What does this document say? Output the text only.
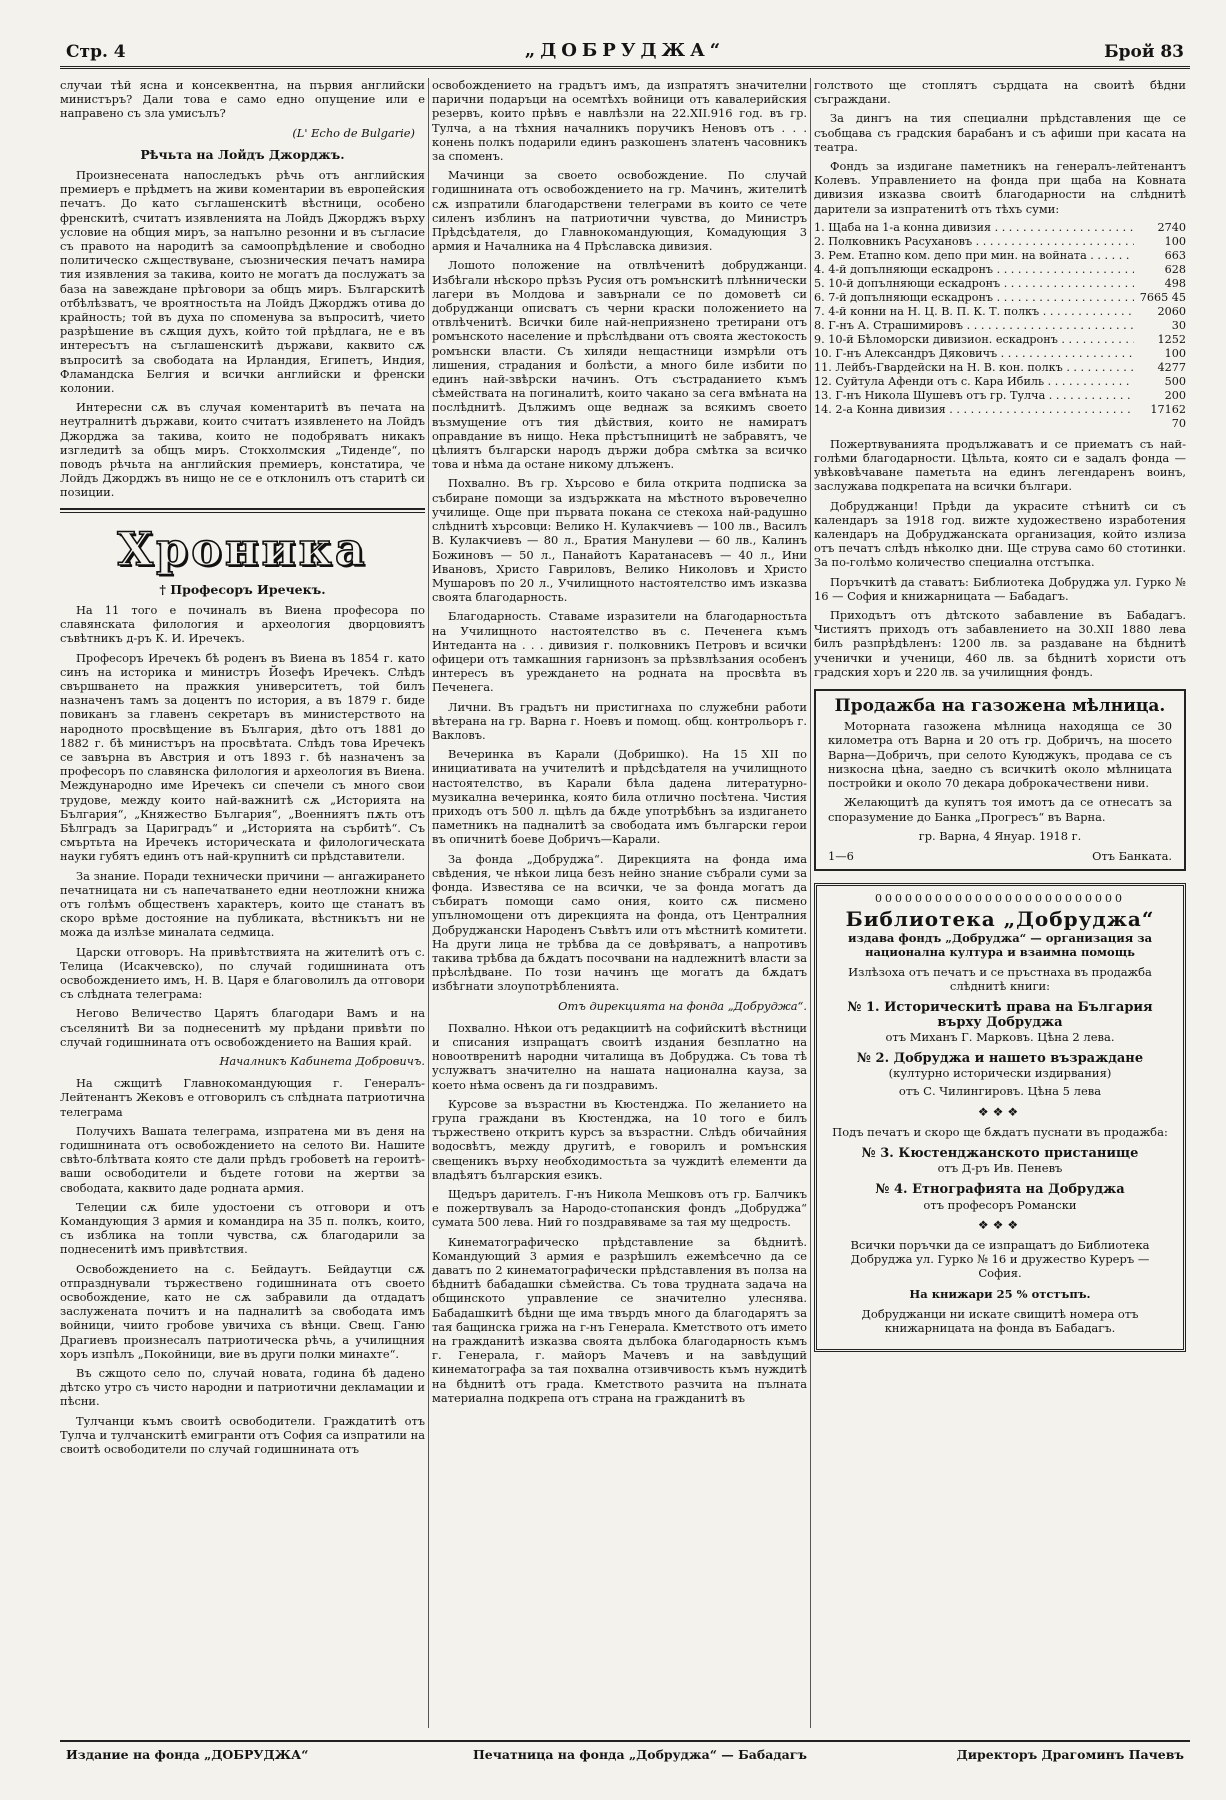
Стр. 4	„ДОБРУДЖА“	Брой 83

случаи тѣй ясна и консеквентна, на първия английски министъръ? Дали това е само едно опущение или е направено съ зла умисълъ?

(L' Echo de Bulgarie)
Рѣчьта на Лойдъ Джорджъ.

Произнесената напоследъкъ рѣчь отъ английския премиеръ е прѣдметъ на живи коментарии въ европейския печатъ. До като съглашенскитѣ вѣстници, особено френскитѣ, считатъ изявленията на Лойдъ Джорджъ върху условие на общия миръ, за напълно резонни и въ съгласие съ правото на народитѣ за самоопрѣдѣление и свободно политическо сѫществуване, съюзническия печатъ намира тия изявления за такива, които не могатъ да послужатъ за база на завеждане прѣговори за общъ миръ. Българскитѣ отбѣлѣзватъ, че вроятностьта на Лойдъ Джорджъ отива до крайность; той въ духа по споменува за въпроситѣ, чието разрѣшение въ сѫщия духъ, който той прѣдлага, не е въ интересътъ на съглашенскитѣ държави, каквито сѫ въпроситѣ за свободата на Ирландия, Египетъ, Индия, Фламандска Белгия и всички английски и френски колонии.

Интересни сѫ въ случая коментаритѣ въ печата на неутралнитѣ държави, които считатъ изявленето на Лойдъ Джорджа за такива, които не подобряватъ никакъ изгледитѣ за общъ миръ. Стокхолмския „Тиденде“, по поводъ рѣчьта на английския премиеръ, констатира, че Лойдъ Джорджъ въ нищо не се е отклонилъ отъ старитѣ си позиции.

Хроника
† Професоръ Иречекъ.

На 11 того е починалъ въ Виена професора по славянската филология и археология дворцовиятъ съвѣтникъ д-ръ К. И. Иречекъ.

Професоръ Иречекъ бѣ роденъ въ Виена въ 1854 г. като синъ на историка и министръ Йозефъ Иречекъ. Слѣдъ свършването на пражкия университетъ, той билъ назначенъ тамъ за доцентъ по история, а въ 1879 г. биде повиканъ за главенъ секретаръ въ министерството на народното просвѣщение въ България, дѣто отъ 1881 до 1882 г. бѣ министъръ на просвѣтата. Слѣдъ това Иречекъ се завърна въ Австрия и отъ 1893 г. бѣ назначенъ за професоръ по славянска филология и археология въ Виена. Международно име Иречекъ си спечели съ много свои трудове, между които най-важнитѣ сѫ „Историята на България“, „Княжество България“, „Военниятъ пѫть отъ Бѣлградъ за Цариградъ“ и „Историята на сърбитѣ“. Съ смъртьта на Иречекъ историческата и филологическата науки губятъ единъ отъ най-крупнитѣ си прѣдставители.

За знание. Поради технически причини — ангажирането печатницата ни съ напечатването едни неотложни книжа отъ голѣмъ общественъ характеръ, които ще станатъ въ скоро врѣме достояние на публиката, вѣстникътъ ни не можа да излѣзе миналата седмица.

Царски отговоръ. На привѣтствията на жителитѣ отъ с. Телица (Исакчевско), по случай годишнината отъ освобождението имъ, Н. В. Царя е благоволилъ да отговори съ слѣдната телеграма:

Негово Величество Царятъ благодари Вамъ и на съселянитѣ Ви за поднесенитѣ му прѣдани привѣти по случай годишнината отъ освобождението на Вашия край.

Началникъ Кабинета Добровичъ.

На сжщитѣ Главнокомандующия г. Генералъ-Лейтенантъ Жековъ е отговорилъ съ слѣдната патриотична телеграма

Получихъ Вашата телеграма, изпратена ми въ деня на годишнината отъ освобождението на селото Ви. Нашите свѣто-блѣтвата която сте дали прѣдъ гробоветѣ на героитѣ-ваши освободители и бъдете готови на жертви за свободата, каквито даде родната армия.

Телеции сѫ биле удостоени съ отговори и отъ Командующия 3 армия и командира на 35 п. полкъ, които, съ изблика на топли чувства, сѫ благодарили за поднесенитѣ имъ привѣтствия.

Освобождението на с. Бейдаутъ. Бейдаутци сѫ отпразднували тържествено годишнината отъ своето освобождение, като не сѫ забравили да отдадатъ заслужената почитъ и на падналитѣ за свободата имъ войници, чиито гробове увичиха съ вѣнци. Свещ. Ганю Драгиевъ произнесалъ патриотическа рѣчь, а училищния хоръ изпѣлъ „Покойници, вие въ други полки минахте“.

Въ сжщото село по, случай новата, година бѣ дадено дѣтско утро съ чисто народни и патриотични декламации и пѣсни.

Тулчанци къмъ своитѣ освободители. Граждатитѣ отъ Тулча и тулчанскитѣ емигранти отъ София са изпратили на своитѣ освободители по случай годишнината отъ

освобождението на градътъ имъ, да изпратятъ значителни парични подаръци на осемтѣхъ войници отъ кавалерийския резервъ, които прѣвъ е навлѣзли на 22.XII.916 год. въ гр. Тулча, а на тѣхния началникъ поручикъ Неновъ отъ . . . конень полкъ подарили единъ разкошенъ златенъ часовникъ за споменъ.

Мачинци за своето освобождение. По случай годишнината отъ освобождението на гр. Мачинъ, жителитѣ сѫ изпратили благодарствени телеграми въ които се чете силенъ изблинъ на патриотични чувства, до Министръ Прѣдсѣдателя, до Главнокомандующия, Комадующия 3 армия и Началника на 4 Прѣславска дивизия.

Лошото положение на отвлѣченитѣ добруджанци. Избѣгали нѣскоро прѣзъ Русия отъ ромънскитѣ плѣннически лагери въ Молдова и завърнали се по домоветѣ си добруджанци описватъ съ черни краски положението на отвлѣченитѣ. Всички биле най-неприязнено третирани отъ ромънското население и прѣслѣдвани отъ своята жестокость ромънски власти. Съ хиляди нещастници измрѣли отъ лишения, страдания и болѣсти, а много биле избити по единъ най-звѣрски начинъ. Отъ състраданието къмъ сѣмействата на погиналитѣ, които чакано за сега вмѣната на послѣднитѣ. Дължимъ още веднаж за всякимъ своето възмущение отъ тия дѣйствия, които не намиратъ оправдание въ нищо. Нека прѣстъпницитѣ не забравятъ, че цѣлиятъ български народъ държи добра смѣтка за всичко това и нѣма да остане никому длъженъ.

Похвално. Въ гр. Хърсово е била открита подписка за събиране помощи за издържката на мѣстното въровечелно училище. Още при първата покана се стекоха най-радушно слѣднитѣ хърсовци: Велико Н. Кулакчиевъ — 100 лв., Василъ В. Кулакчиевъ — 80 л., Братия Манулеви — 60 лв., Калинъ Божиновъ — 50 л., Панайотъ Каратанасевъ — 40 л., Ини Ивановъ, Христо Гавриловъ, Велико Николовъ и Христо Мушаровъ по 20 л., Училищното настоятелство имъ изказва своята благодарность.

Благодарность. Ставаме изразители на благодарностьта на Училищното настоятелство въ с. Печенега къмъ Интеданта на . . . дивизия г. полковникъ Петровъ и всички офицери отъ тамкашния гарнизонъ за прѣзвлѣзания особенъ интересъ въ уреждането на родната на просвѣта въ Печенега.

Лични. Въ градътъ ни пристигнаха по служебни работи вѣтерана на гр. Варна г. Ноевъ и помощ. общ. контрольоръ г. Вакловъ.

Вечеринка въ Карали (Добришко). На 15 XII по инициативата на учителитѣ и прѣдсѣдателя на училищното настоятелство, въ Карали бѣла дадена литературно-музикална вечеринка, която била отлично посѣтена. Чистия приходъ отъ 500 л. щѣлъ да бѫде употрѣбѣнъ за издигането паметникъ на падналитѣ за свободата имъ български герои въ опичнитѣ боеве Добричъ—Карали.

За фонда „Добруджа“. Дирекцията на фонда има свѣдения, че нѣкои лица безъ нейно знание събрали суми за фонда. Известява се на всички, че за фонда могатъ да събиратъ помощи само ония, които сѫ писмено упълномощени отъ дирекцията на фонда, отъ Централния Добруджански Народенъ Съвѣтъ или отъ мѣстнитѣ комитети. На други лица не трѣбва да се довѣряватъ, а напротивъ такива трѣбва да бѫдатъ посочвани на надлежнитѣ власти за прѣслѣдване. По този начинъ ще могатъ да бѫдатъ избѣгнати злоупотрѣбленията.

Отъ дирекцията на фонда „Добруджа“.

Похвално. Нѣкои отъ редакциитѣ на софийскитѣ вѣстници и списания изпращатъ своитѣ издания безплатно на новоотвренитѣ народни читалища въ Добруджа. Съ това тѣ услужватъ значително на нашата национална кауза, за което нѣма освенъ да ги поздравимъ.

Курсове за възрастни въ Кюстенджа. По желанието на група граждани въ Кюстенджа, на 10 того е билъ тържествено откритъ курсъ за възрастни. Слѣдъ обичайния водосвѣтъ, между другитѣ, е говорилъ и ромънския свещеникъ върху необходимостьта за чуждитѣ елементи да владѣятъ българския езикъ.

Щедъръ дарителъ. Г-нъ Никола Мешковъ отъ гр. Балчикъ е пожертвувалъ за Народо-стопанския фондъ „Добруджа“ сумата 500 лева. Ний го поздравяваме за тая му щедрость.

Кинематографическо прѣдставление за бѣднитѣ. Командующий 3 армия е разрѣшилъ ежемѣсечно да се даватъ по 2 кинематографически прѣдставления въ полза на бѣднитѣ бабадашки сѣмейства. Съ това трудната задача на общинското управление се значително улеснява. Бабадашкитѣ бѣдни ще има твърдъ много да благодарятъ за тая бащинска грижа на г-нъ Генерала. Кметството отъ името на гражданитѣ изказва своята дълбока благодарность къмъ г. Генерала, г. майоръ Мачевъ и на завѣдущий кинематографа за тая похвална отзивчивость къмъ нуждитѣ на бѣднитѣ отъ града. Кметството разчита на пълната материална подкрепа отъ страна на гражданитѣ въ

голството ще стоплятъ сърдцата на своитѣ бѣдни съграждани.

За дингъ на тия специални прѣдставления ще се съобщава съ градския барабанъ и съ афиши при касата на театра.

Фондъ за издигане паметникъ на генералъ-лейтенантъ Колевъ. Управлението на фонда при щаба на Ковната дивизия изказва своитѣ благодарности на слѣднитѣ дарители за изпратенитѣ отъ тѣхъ суми:

1. Щаба на 1-а конна дивизия . . .	2740
2. Полковникъ Расухановъ . . .	100
3. Рем. Етапно ком. депо при мин. на войната . . .	663
4. 4-й допълняющи ескадронъ . . .	628
5. 10-й допълняющи ескадронъ . . .	498
6. 7-й допълняющи ескадронъ . . .	7665 45
7. 4-й конни на Н. Ц. В. П. К. Т. полкъ . . .	2060
8. Г-нъ А. Страшимировъ . . .	30
9. 10-й Бѣломорски дивизион. ескадронъ . . .	1252
10. Г-нъ Александръ Дяковичъ . . .	100
11. Лейбъ-Гвардейски на Н. В. кон. полкъ . . .	4277
12. Суйтула Афенди отъ с. Кара Ибиль . . .	500
13. Г-нъ Никола Шушевъ отъ гр. Тулча . . .	200
14. 2-а Конна дивизия . . .	17162 70

Пожертвуванията продължаватъ и се приематъ съ най-голѣми благодарности. Цѣльта, която си е задалъ фонда — увѣковѣчаване паметьта на единъ легендаренъ воинъ, заслужава подкрепата на всички българи.

Добруджанци! Прѣди да украсите стѣнитѣ си съ календаръ за 1918 год. вижте художествено изработения календаръ на Добруджанската организация, който излиза отъ печатъ слѣдъ нѣколко дни. Ще струва само 60 стотинки. За по-голѣмо количество специална отстъпка.

Поръчкитѣ да ставатъ: Библиотека Добруджа ул. Гурко № 16 — София и книжарницата — Бабадагъ.

Приходътъ отъ дѣтското забавление въ Бабадагъ. Чистиятъ приходъ отъ забавлението на 30.XII 1880 лева билъ разпрѣдѣленъ: 1200 лв. за раздаване на бѣднитѣ ученички и ученици, 460 лв. за бѣднитѣ хористи отъ градския хоръ и 220 лв. за училищния фондъ.

Продажба на газожена мѣлница.

Моторната газожена мѣлница находяща се 30 километра отъ Варна и 20 отъ гр. Добричъ, на шосето Варна—Добричъ, при селото Куюджукъ, продава се съ низкосна цѣна, заедно съ всичкитѣ около мѣлницата постройки и около 70 декара доброкачествени ниви.

Желающитѣ да купятъ тоя имотъ да се отнесатъ за споразумение до Банка „Прогресъ“ въ Варна.

гр. Варна, 4 Януар. 1918 г.
1—6	Отъ Банката.
0000000000000000000000000
Библиотека „Добруджа“
издава фондъ „Добруджа“ — организация за национална култура и взаимна помощь
Излѣзоха отъ печатъ и се пръстнаха въ продажба слѣднитѣ книги:
№ 1. Историческитѣ права на България върху Добруджа
отъ Миханъ Г. Марковъ. Цѣна 2 лева.
№ 2. Добруджа и нашето възраждане
(културно исторически издирвания)
отъ С. Чилингировъ. Цѣна 5 лева
❖❖❖
Подъ печатъ и скоро ще бѫдатъ пуснати въ продажба:
№ 3. Кюстенджанското пристанище
отъ Д-ръ Ив. Пеневъ
№ 4. Етнографията на Добруджа
отъ професоръ Романски
❖❖❖
Всички поръчки да се изпращатъ до Библиотека Добруджа ул. Гурко № 16 и дружество Куреръ — София.
На книжари 25 % отстъпъ.
Добруджанци ни искате свищитѣ номера отъ книжарницата на фонда въ Бабадагъ.
Издание на фонда „ДОБРУДЖА“	Печатница на фонда „Добруджа“ — Бабадагъ	Директоръ Драгоминъ Пачевъ
